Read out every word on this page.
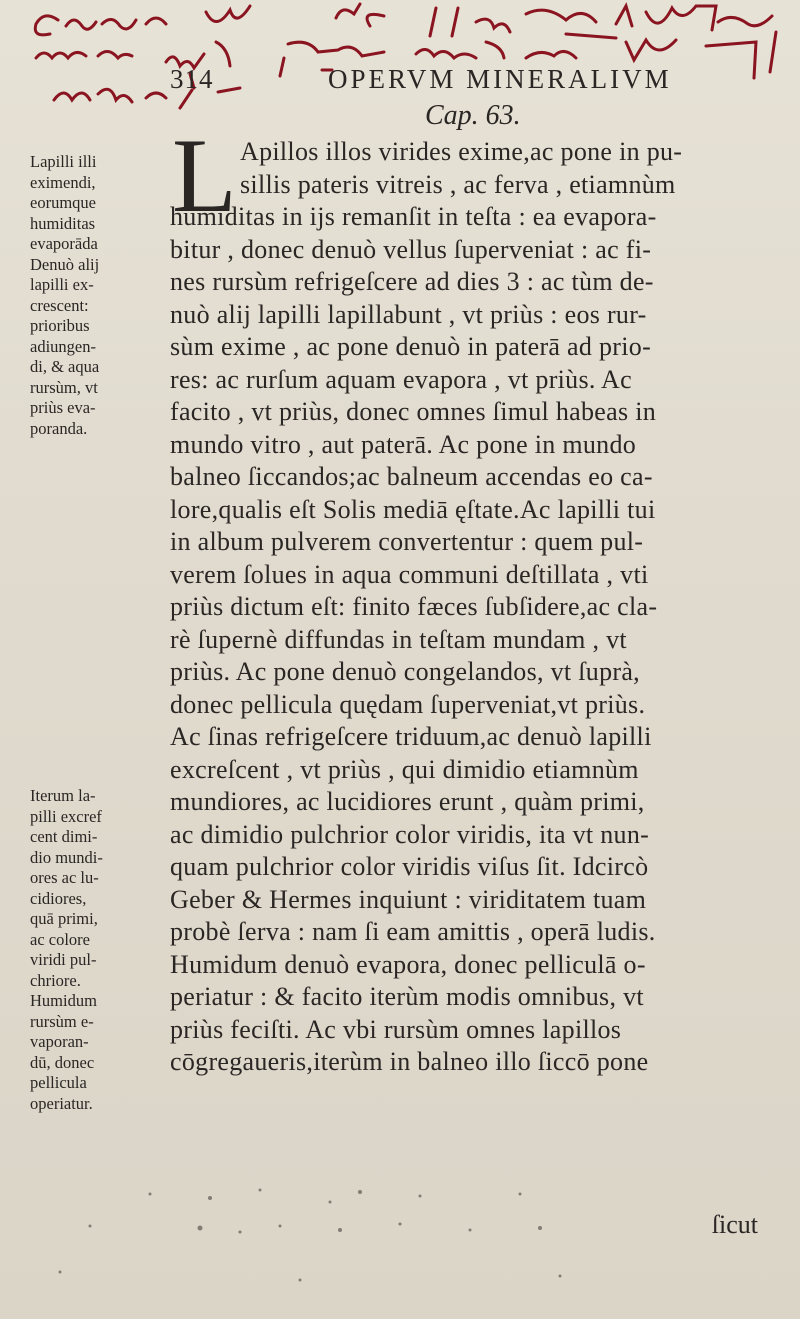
314	OPERVM MINERALIVM
Cap. 63.
Lapilli illi
eximendi,
eorumque
humiditas
evaporāda
Denuò alij
lapilli ex-
crescent:
prioribus
adiungen-
di, & aqua
rursùm, vt
priùs eva-
poranda.
Iterum la-
pilli excref
cent dimi-
dio mundi-
ores ac lu-
cidiores,
quā primi,
ac colore
viridi pul-
chriore.
Humidum
rursùm e-
vaporan-
dū, donec
pellicula
operiatur.
L Apillos illos virides exime,ac pone in pu-
sillis pateris vitreis , ac ferva , etiamnùm
humiditas in ijs remanſit in teſta : ea evapora-
bitur , donec denuò vellus ſuperveniat : ac fi-
nes rursùm refrigeſcere ad dies 3 : ac tùm de-
nuò alij lapilli lapillabunt , vt priùs : eos rur-
sùm exime , ac pone denuò in paterā ad prio-
res: ac rurſum aquam evapora , vt priùs. Ac
facito , vt priùs, donec omnes ſimul habeas in
mundo vitro , aut paterā. Ac pone in mundo
balneo ſiccandos;ac balneum accendas eo ca-
lore,qualis eſt Solis mediā ęſtate.Ac lapilli tui
in album pulverem convertentur : quem pul-
verem ſolues in aqua communi deſtillata , vti
priùs dictum eſt: finito fæces ſubſidere,ac cla-
rè ſupernè diffundas in teſtam mundam , vt
priùs. Ac pone denuò congelandos, vt ſuprà,
donec pellicula quędam ſuperveniat,vt priùs.
Ac ſinas refrigeſcere triduum,ac denuò lapilli
excreſcent , vt priùs , qui dimidio etiamnùm
mundiores, ac lucidiores erunt , quàm primi,
ac dimidio pulchrior color viridis, ita vt nun-
quam pulchrior color viridis viſus ſit. Idcircò
Geber & Hermes inquiunt : viriditatem tuam
probè ſerva : nam ſi eam amittis , operā ludis.
Humidum denuò evapora, donec pelliculā o-
periatur : & facito iterùm modis omnibus, vt
priùs feciſti. Ac vbi rursùm omnes lapillos
cōgregaueris,iterùm in balneo illo ſiccō pone
ſicut
